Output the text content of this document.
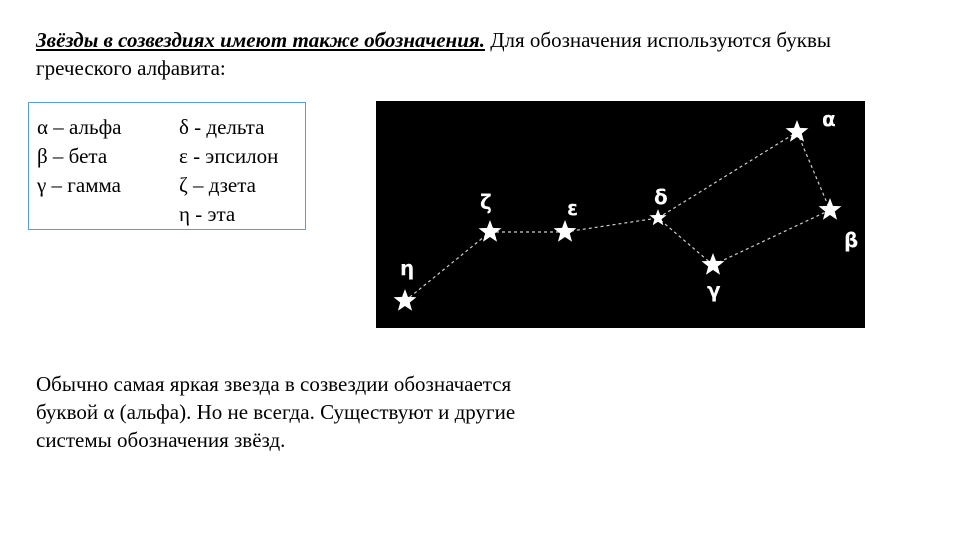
Звёзды в созвездиях имеют также обозначения. Для обозначения используются буквы греческого алфавита:
α – альфа
β – бета
γ – гамма
δ - дельта
ε - эпсилон
ζ – дзета
η - эта
α
β
γ
δ
ε
ζ
η
Обычно самая яркая звезда в созвездии обозначается буквой α (альфа). Но не всегда. Существуют и другие системы обозначения звёзд.
